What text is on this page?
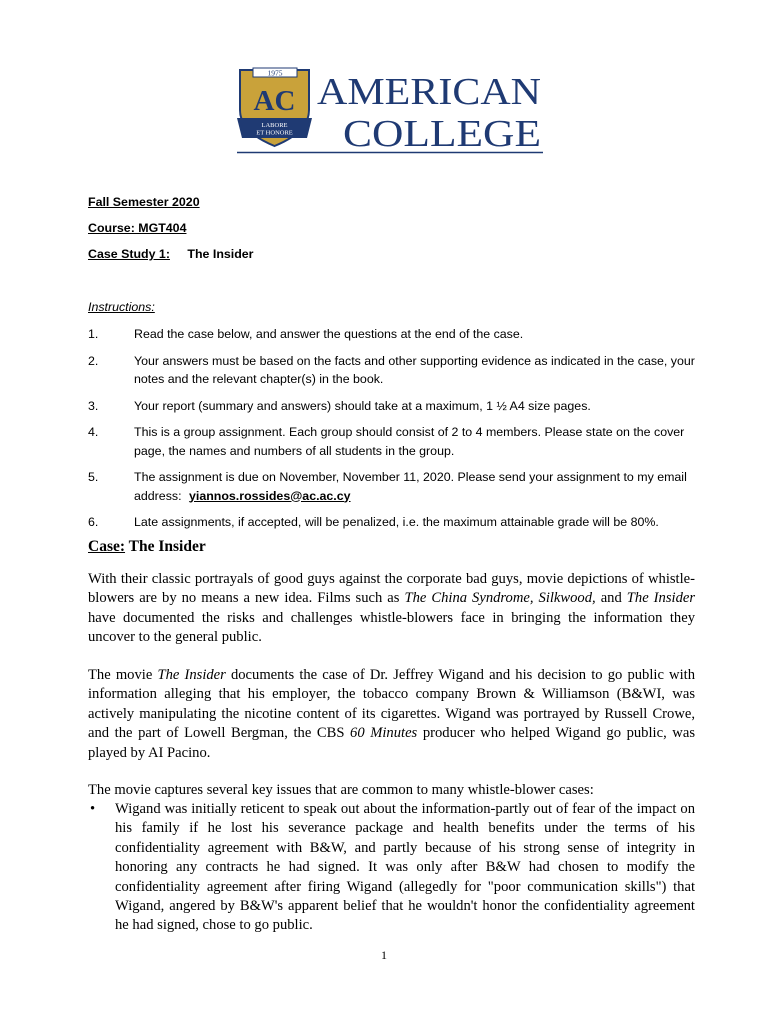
1975
AC
LABORE
ET HONORE
AMERICAN
COLLEGE
Fall Semester 2020
Course: MGT404
Case Study 1: The Insider
Instructions:
1.	Read the case below, and answer the questions at the end of the case.
2.	Your answers must be based on the facts and other supporting evidence as indicated in the case, your notes and the relevant chapter(s) in the book.
3.	Your report (summary and answers) should take at a maximum, 1 ½ A4 size pages.
4.	This is a group assignment. Each group should consist of 2 to 4 members. Please state on the cover page, the names and numbers of all students in the group.
5.	The assignment is due on November, November 11, 2020. Please send your assignment to my email address: yiannos.rossides@ac.ac.cy
6.	Late assignments, if accepted, will be penalized, i.e. the maximum attainable grade will be 80%.
Case: The Insider

With their classic portrayals of good guys against the corporate bad guys, movie depictions of whistle-blowers are by no means a new idea. Films such as The China Syndrome, Silkwood, and The Insider have documented the risks and challenges whistle-blowers face in bringing the information they uncover to the general public.

The movie The Insider documents the case of Dr. Jeffrey Wigand and his decision to go public with information alleging that his employer, the tobacco company Brown & Williamson (B&WI, was actively manipulating the nicotine content of its cigarettes. Wigand was portrayed by Russell Crowe, and the part of Lowell Bergman, the CBS 60 Minutes producer who helped Wigand go public, was played by AI Pacino.

The movie captures several key issues that are common to many whistle-blower cases:

• Wigand was initially reticent to speak out about the information-partly out of fear of the impact on his family if he lost his severance package and health benefits under the terms of his confidentiality agreement with B&W, and partly because of his strong sense of integrity in honoring any contracts he had signed. It was only after B&W had chosen to modify the confidentiality agreement after firing Wigand (allegedly for "poor communication skills") that Wigand, angered by B&W's apparent belief that he wouldn't honor the confidentiality agreement he had signed, chose to go public.
1
